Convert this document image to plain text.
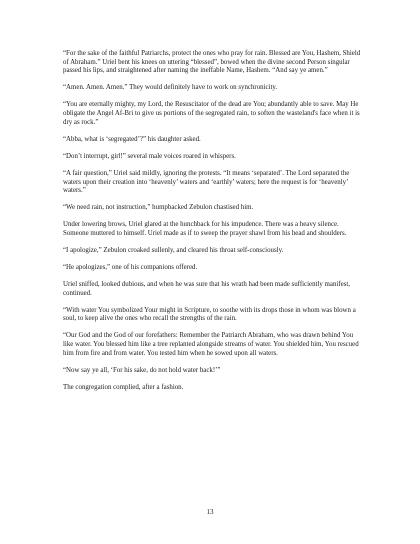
“For the sake of the faithful Patriarchs, protect the ones who pray for rain. Blessed are You, Hashem, Shield of Abraham.” Uriel bent his knees on uttering “blessed”, bowed when the divine second Person singular passed his lips, and straightened after naming the ineffable Name, Hashem. “And say ye amen.”

“Amen. Amen. Amen.” They would definitely have to work on synchronicity.

“You are eternally mighty, my Lord, the Resuscitator of the dead are You; abundantly able to save. May He obligate the Angel Af-Bri to give us portions of the segregated rain, to soften the wasteland's face when it is dry as rock.”

“Abba, what is ‘segregated’?” his daughter asked.

“Don’t interrupt, girl!” several male voices roared in whispers.

“A fair question,” Uriel said mildly, ignoring the protests. “It means ‘separated’. The Lord separated the waters upon their creation into ‘heavenly’ waters and ‘earthly’ waters; here the request is for ‘heavenly’ waters.”

“We need rain, not instruction,” humpbacked Zebulon chastised him.

Under lowering brows, Uriel glared at the hunchback for his impudence. There was a heavy silence. Someone muttered to himself. Uriel made as if to sweep the prayer shawl from his head and shoulders.

“I apologize,” Zebulon croaked sullenly, and cleared his throat self-consciously.

“He apologizes,” one of his companions offered.

Uriel sniffed, looked dubious, and when he was sure that his wrath had been made sufficiently manifest, continued.

“With water You symbolized Your might in Scripture, to soothe with its drops those in whom was blown a soul, to keep alive the ones who recall the strengths of the rain.

“Our God and the God of our forefathers: Remember the Patriarch Abraham, who was drawn behind You like water. You blessed him like a tree replanted alongside streams of water. You shielded him, You rescued him from fire and from water. You tested him when he sowed upon all waters.

“Now say ye all, ‘For his sake, do not hold water back!’”

The congregation complied, after a fashion.

13
